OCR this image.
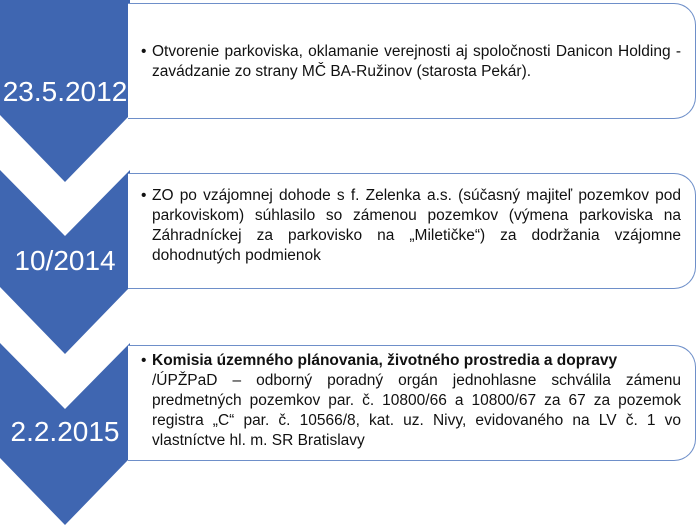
23.5.2012
• Otvorenie parkoviska, oklamanie verejnosti aj spoločnosti Danicon Holding - zavádzanie zo strany MČ BA-Ružinov (starosta Pekár).
10/2014
• ZO po vzájomnej dohode s f. Zelenka a.s. (súčasný majiteľ pozemkov pod parkoviskom) súhlasilo so zámenou pozemkov (výmena parkoviska na Záhradníckej za parkovisko na „Miletičke“) za dodržania vzájomne dohodnutých podmienok
2.2.2015
• Komisia územného plánovania, životného prostredia a dopravy
/ÚPŽPaD – odborný poradný orgán jednohlasne schválila zámenu predmetných pozemkov par. č. 10800/66 a 10800/67 za 67 za pozemok registra „C“ par. č. 10566/8, kat. uz. Nivy, evidovaného na LV č. 1 vo vlastníctve hl. m. SR Bratislavy
